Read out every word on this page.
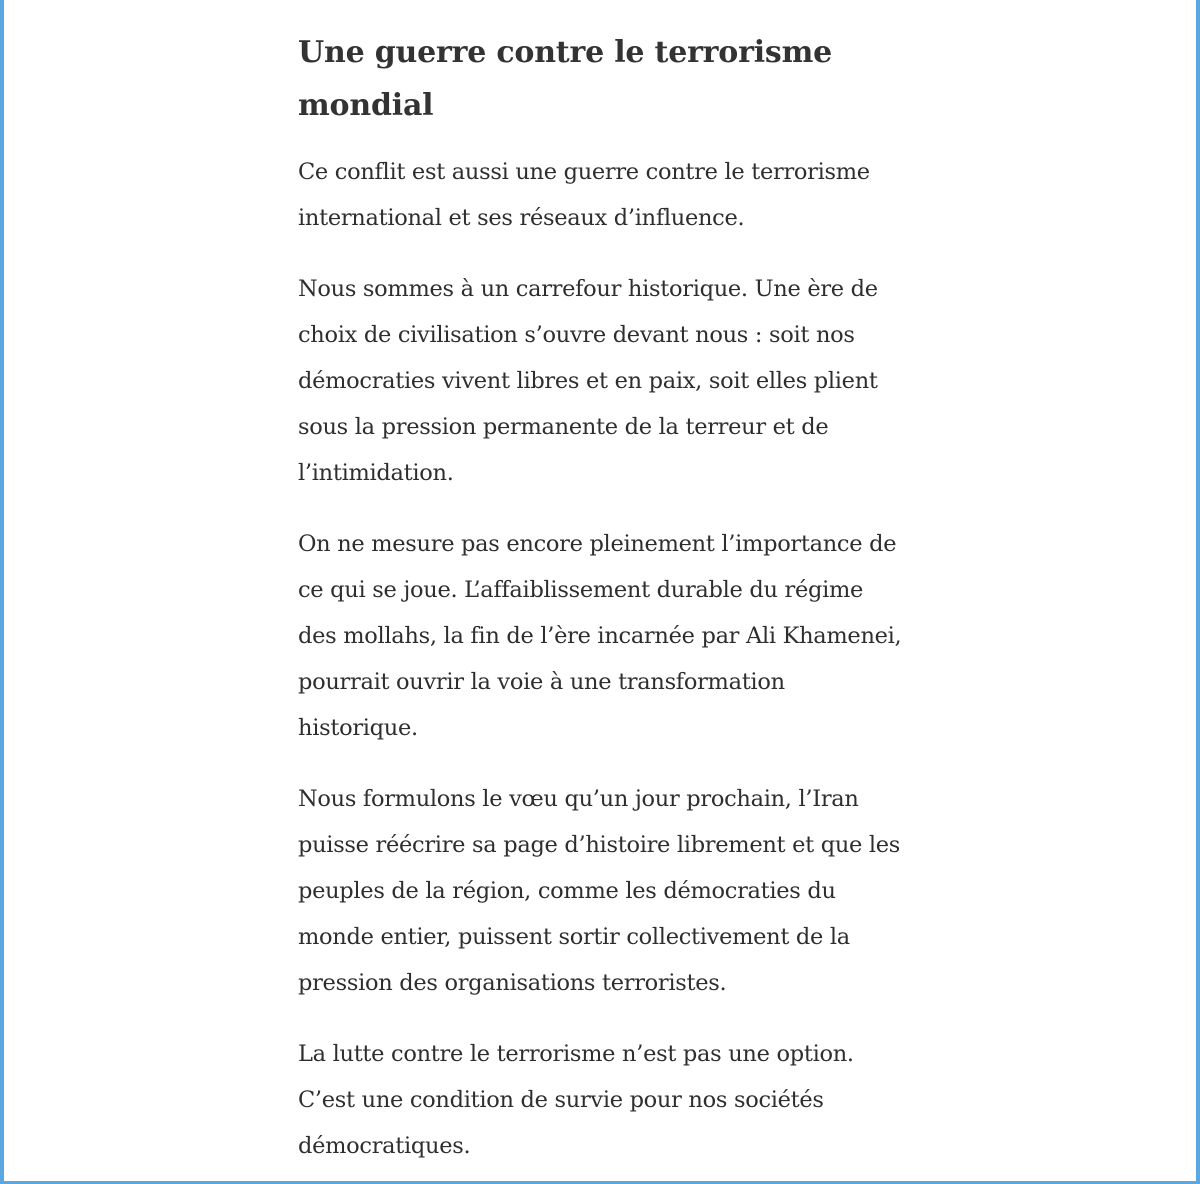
Une guerre contre le terrorisme mondial

Ce conflit est aussi une guerre contre le terrorisme international et ses réseaux d’influence.

Nous sommes à un carrefour historique. Une ère de choix de civilisation s’ouvre devant nous : soit nos démocraties vivent libres et en paix, soit elles plient sous la pression permanente de la terreur et de l’intimidation.

On ne mesure pas encore pleinement l’importance de ce qui se joue. L’affaiblissement durable du régime des mollahs, la fin de l’ère incarnée par Ali Khamenei, pourrait ouvrir la voie à une transformation historique.

Nous formulons le vœu qu’un jour prochain, l’Iran puisse réécrire sa page d’histoire librement et que les peuples de la région, comme les démocraties du monde entier, puissent sortir collectivement de la pression des organisations terroristes.

La lutte contre le terrorisme n’est pas une option. C’est une condition de survie pour nos sociétés démocratiques.
